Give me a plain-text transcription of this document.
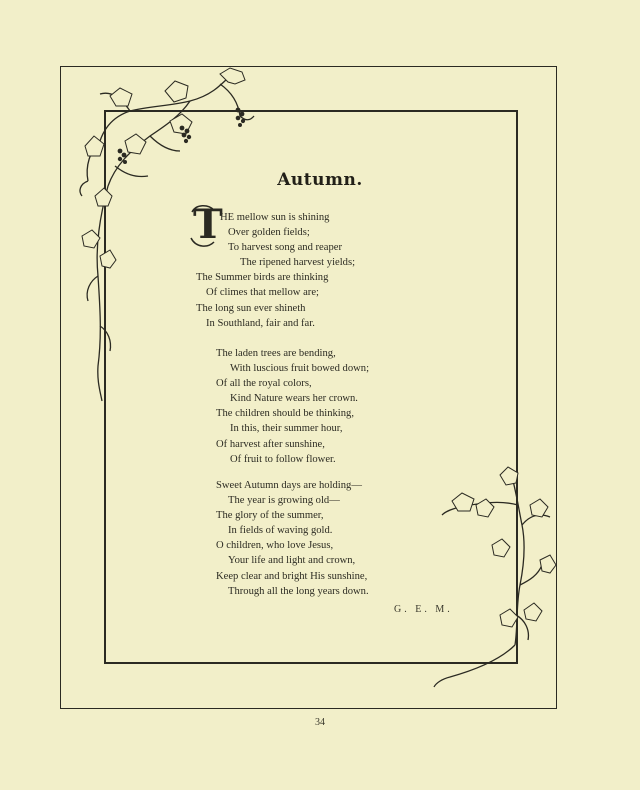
Autumn.
T
HE mellow sun is shining
Over golden fields;
To harvest song and reaper
The ripened harvest yields;
The Summer birds are thinking
Of climes that mellow are;
The long sun ever shineth
In Southland, fair and far.
The laden trees are bending,
With luscious fruit bowed down;
Of all the royal colors,
Kind Nature wears her crown.
The children should be thinking,
In this, their summer hour,
Of harvest after sunshine,
Of fruit to follow flower.
Sweet Autumn days are holding—
The year is growing old—
The glory of the summer,
In fields of waving gold.
O children, who love Jesus,
Your life and light and crown,
Keep clear and bright His sunshine,
Through all the long years down.
G. E. M.
34
